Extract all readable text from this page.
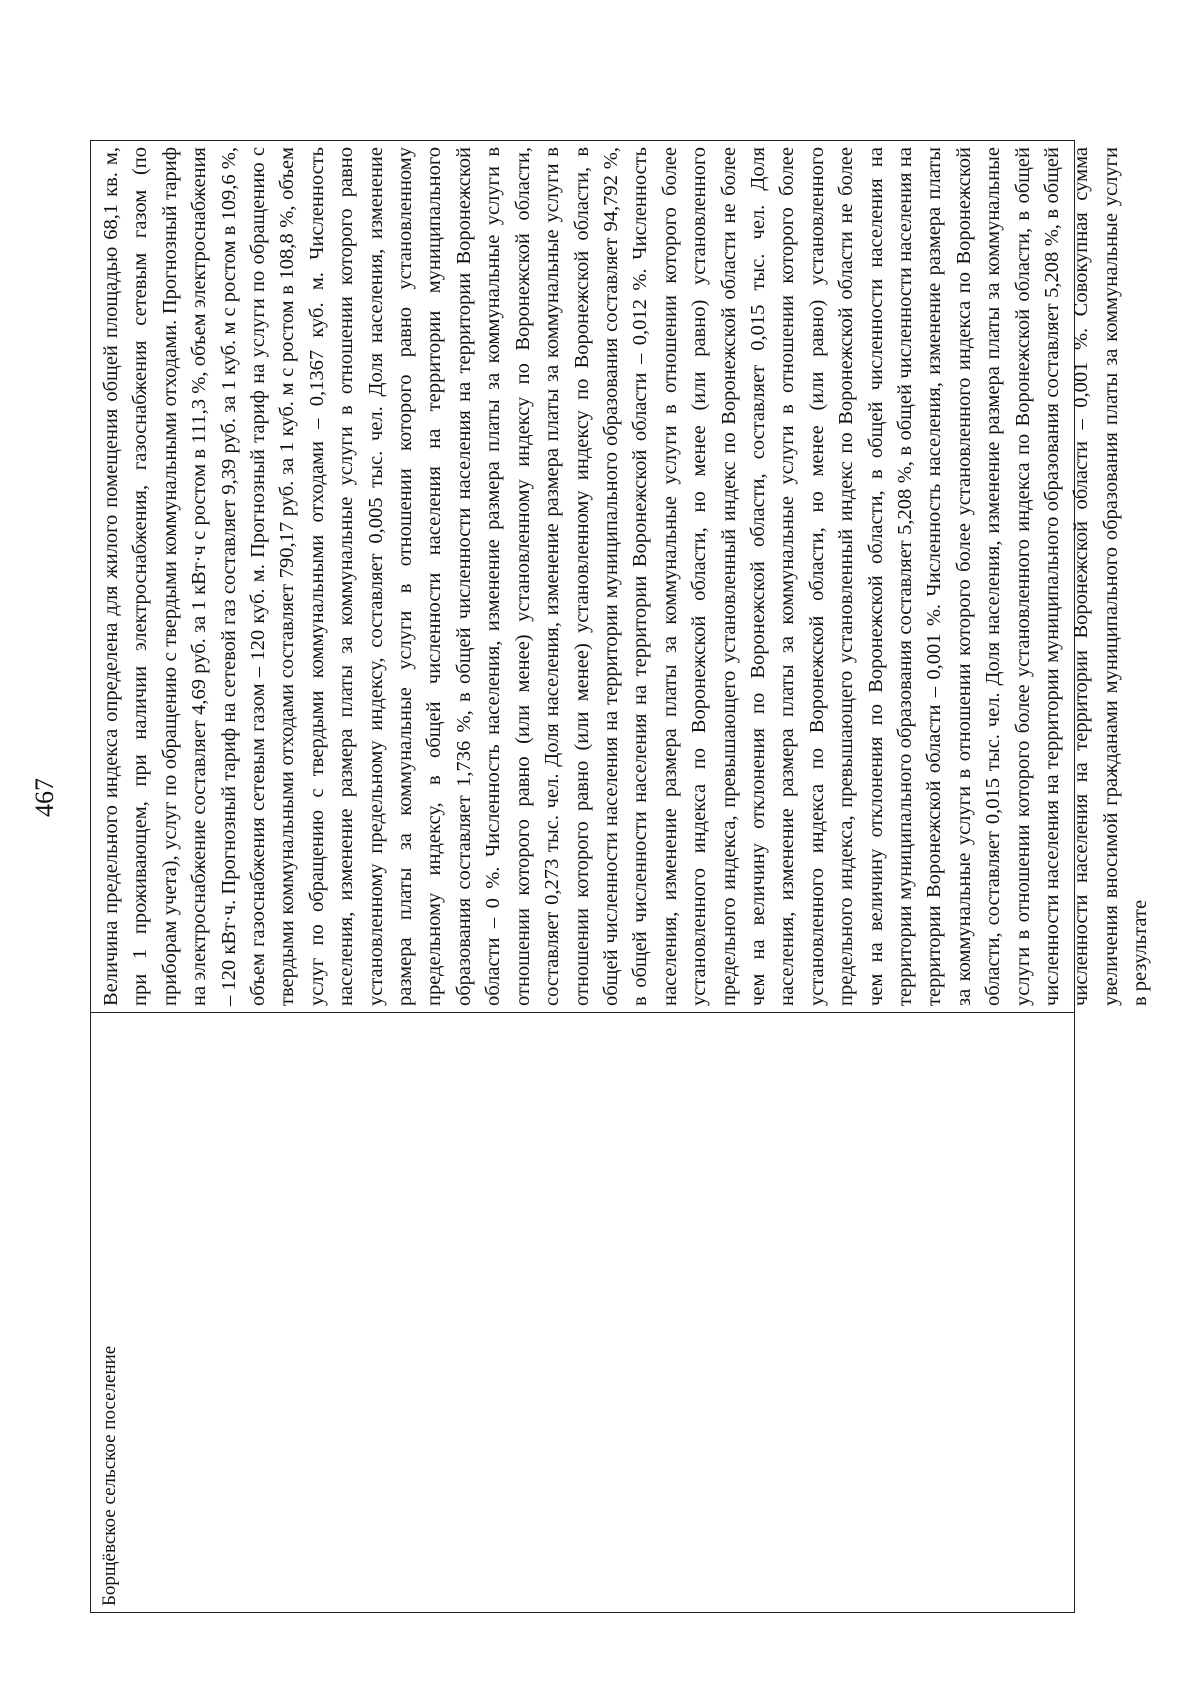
467
Борщёвское сельское поселение	
Величина предельного индекса определена для жилого помещения общей площадью 68,1 кв. м, при 1 проживающем, при наличии электроснабжения, газоснабжения сетевым газом (по приборам учета), услуг по обращению с твердыми коммунальными отходами. Прогнозный тариф на электроснабжение составляет 4,69 руб. за 1 кВт·ч с ростом в 111,3 %, объем электроснабжения – 120 кВт·ч. Прогнозный тариф на сетевой газ составляет 9,39 руб. за 1 куб. м с ростом в 109,6 %, объем газоснабжения сетевым газом – 120 куб. м. Прогнозный тариф на услуги по обращению с твердыми коммунальными отходами составляет 790,17 руб. за 1 куб. м с ростом в 108,8 %, объем услуг по обращению с твердыми коммунальными отходами – 0,1367 куб. м. Численность населения, изменение размера платы за коммунальные услуги в отношении которого равно установленному предельному индексу, составляет 0,005 тыс. чел. Доля населения, изменение размера платы за коммунальные услуги в отношении которого равно установленному предельному индексу, в общей численности населения на территории муниципального образования составляет 1,736 %, в общей численности населения на территории Воронежской области – 0 %. Численность населения, изменение размера платы за коммунальные услуги в отношении которого равно (или менее) установленному индексу по Воронежской области, составляет 0,273 тыс. чел. Доля населения, изменение размера платы за коммунальные услуги в отношении которого равно (или менее) установленному индексу по Воронежской области, в общей численности населения на территории муниципального образования составляет 94,792 %, в общей численности населения на территории Воронежской области – 0,012 %. Численность населения, изменение размера платы за коммунальные услуги в отношении которого более установленного индекса по Воронежской области, но менее (или равно) установленного предельного индекса, превышающего установленный индекс по Воронежской области не более чем на величину отклонения по Воронежской области, составляет 0,015 тыс. чел. Доля населения, изменение размера платы за коммунальные услуги в отношении которого более установленного индекса по Воронежской области, но менее (или равно) установленного предельного индекса, превышающего установленный индекс по Воронежской области не более чем на величину отклонения по Воронежской области, в общей численности населения на территории муниципального образования составляет 5,208 %, в общей численности населения на территории Воронежской области – 0,001 %. Численность населения, изменение размера платы за коммунальные услуги в отношении которого более установленного индекса по Воронежской области, составляет 0,015 тыс. чел. Доля населения, изменение размера платы за коммунальные услуги в отношении которого более установленного индекса по Воронежской области, в общей численности населения на территории муниципального образования составляет 5,208 %, в общей численности населения на территории Воронежской области – 0,001 %. Совокупная сумма увеличения вносимой гражданами муниципального образования платы за коммунальные услуги в результате
